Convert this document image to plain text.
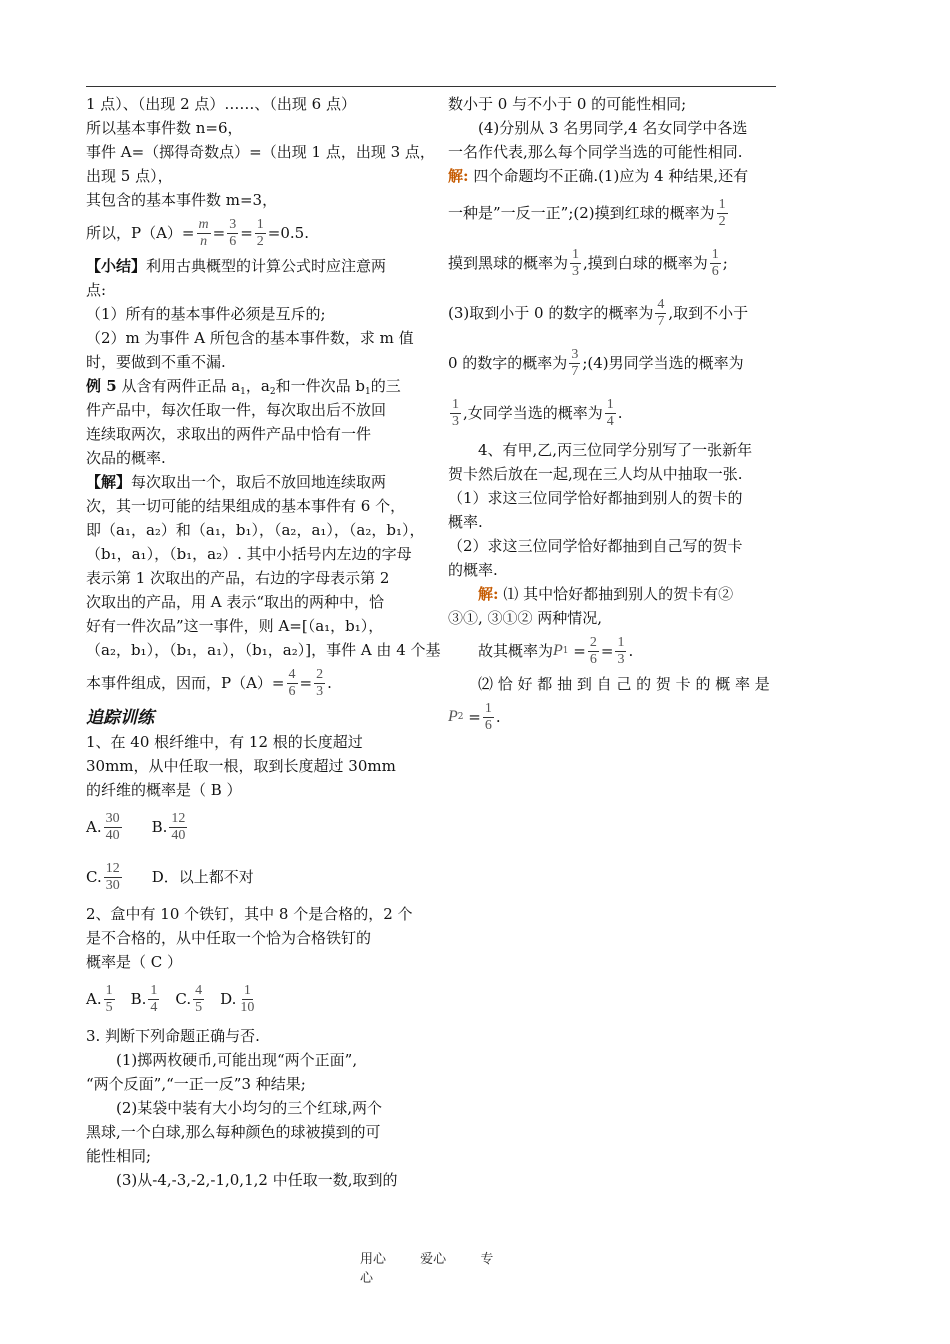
1 点）、（出现 2 点）……、（出现 6 点）
所以基本事件数 n=6，
事件 A=（掷得奇数点）=（出现 1 点，出现 3 点，
出现 5 点），
其包含的基本事件数 m=3，
所以，$P(A)= \frac{m}{n} = \frac{3}{6} = \frac{1}{2} =0.5$.
【小结】利用古典概型的计算公式时应注意两
点:
（1）所有的基本事件必须是互斥的;
（2）m 为事件 A 所包含的基本事件数，求 m 值
时，要做到不重不漏.
例 5 从含有两件正品 $a_1$，$a_2$和一件次品 $b_1$的三
件产品中，每次任取一件，每次取出后不放回
连续取两次，求取出的两件产品中恰有一件
次品的概率.
【解】每次取出一个，取后不放回地连续取两
次，其一切可能的结果组成的基本事件有 6 个，
即（a₁，a₂）和（a₁，b₁），（a₂，a₁），（a₂，b₁），
（b₁，a₁），（b₁，a₂）. 其中小括号内左边的字母
表示第 1 次取出的产品，右边的字母表示第 2
次取出的产品，用 A 表示“取出的两种中，恰
好有一件次品”这一事件，则 A=[（a₁，b₁），
（a₂，b₁），（b₁，a₁），（b₁，a₂）]，事件 A 由 4 个基
本事件组成，因而，$P(A)= \frac{4}{6} = \frac{2}{3}$ .
追踪训练
1、在 40 根纤维中，有 12 根的长度超过
30mm，从中任取一根，取到长度超过 30mm
的纤维的概率是（ B ）
A. $\frac{30}{40} B$. $\frac{12}{40}$
C. $\frac{12}{30}$ D．以上都不对
2、盒中有 10 个铁钉，其中 8 个是合格的，2 个
是不合格的，从中任取一个恰为合格铁钉的
概率是（ C ）
A. $\frac{1}{5} B$. $\frac{1}{4} C$. $\frac{4}{5} D$. $\frac{1}{10}$
3. 判断下列命题正确与否.
(1)掷两枚硬币,可能出现“两个正面”,
“两个反面”,“一正一反”3 种结果;
(2)某袋中装有大小均匀的三个红球,两个
黑球,一个白球,那么每种颜色的球被摸到的可
能性相同;
(3)从-4,-3,-2,-1,0,1,2 中任取一数,取到的
数小于 0 与不小于 0 的可能性相同;
(4)分别从 3 名男同学,4 名女同学中各选
一名作代表,那么每个同学当选的可能性相同.
解: 四个命题均不正确.(1)应为 4 种结果,还有
一种是”一反一正”;(2)摸到红球的概率为 $\frac{1}{2}$
摸到黑球的概率为 $\frac{1}{3}$ ,摸到白球的概率为 $\frac{1}{6}$ ;
(3)取到小于 0 的数字的概率为 $\frac{4}{7}$ ,取到不小于
0 的数字的概率为 $\frac{3}{7}$ ;(4)男同学当选的概率为
$\frac{1}{3}$ ,女同学当选的概率为 $\frac{1}{4}$ .
4、有甲,乙,丙三位同学分别写了一张新年
贺卡然后放在一起,现在三人均从中抽取一张.
（1）求这三位同学恰好都抽到别人的贺卡的
概率.
（2）求这三位同学恰好都抽到自己写的贺卡
的概率.
解: ⑴ 其中恰好都抽到别人的贺卡有②
③①, ③①② 两种情况,
故其概率为 P $1 = \frac{2}{6} = \frac{1}{3}$ .
⑵ 恰 好 都 抽 到 自 己 的 贺 卡 的 概 率 是
P $2 = \frac{1}{6}$ .
用心	爱心	专心
